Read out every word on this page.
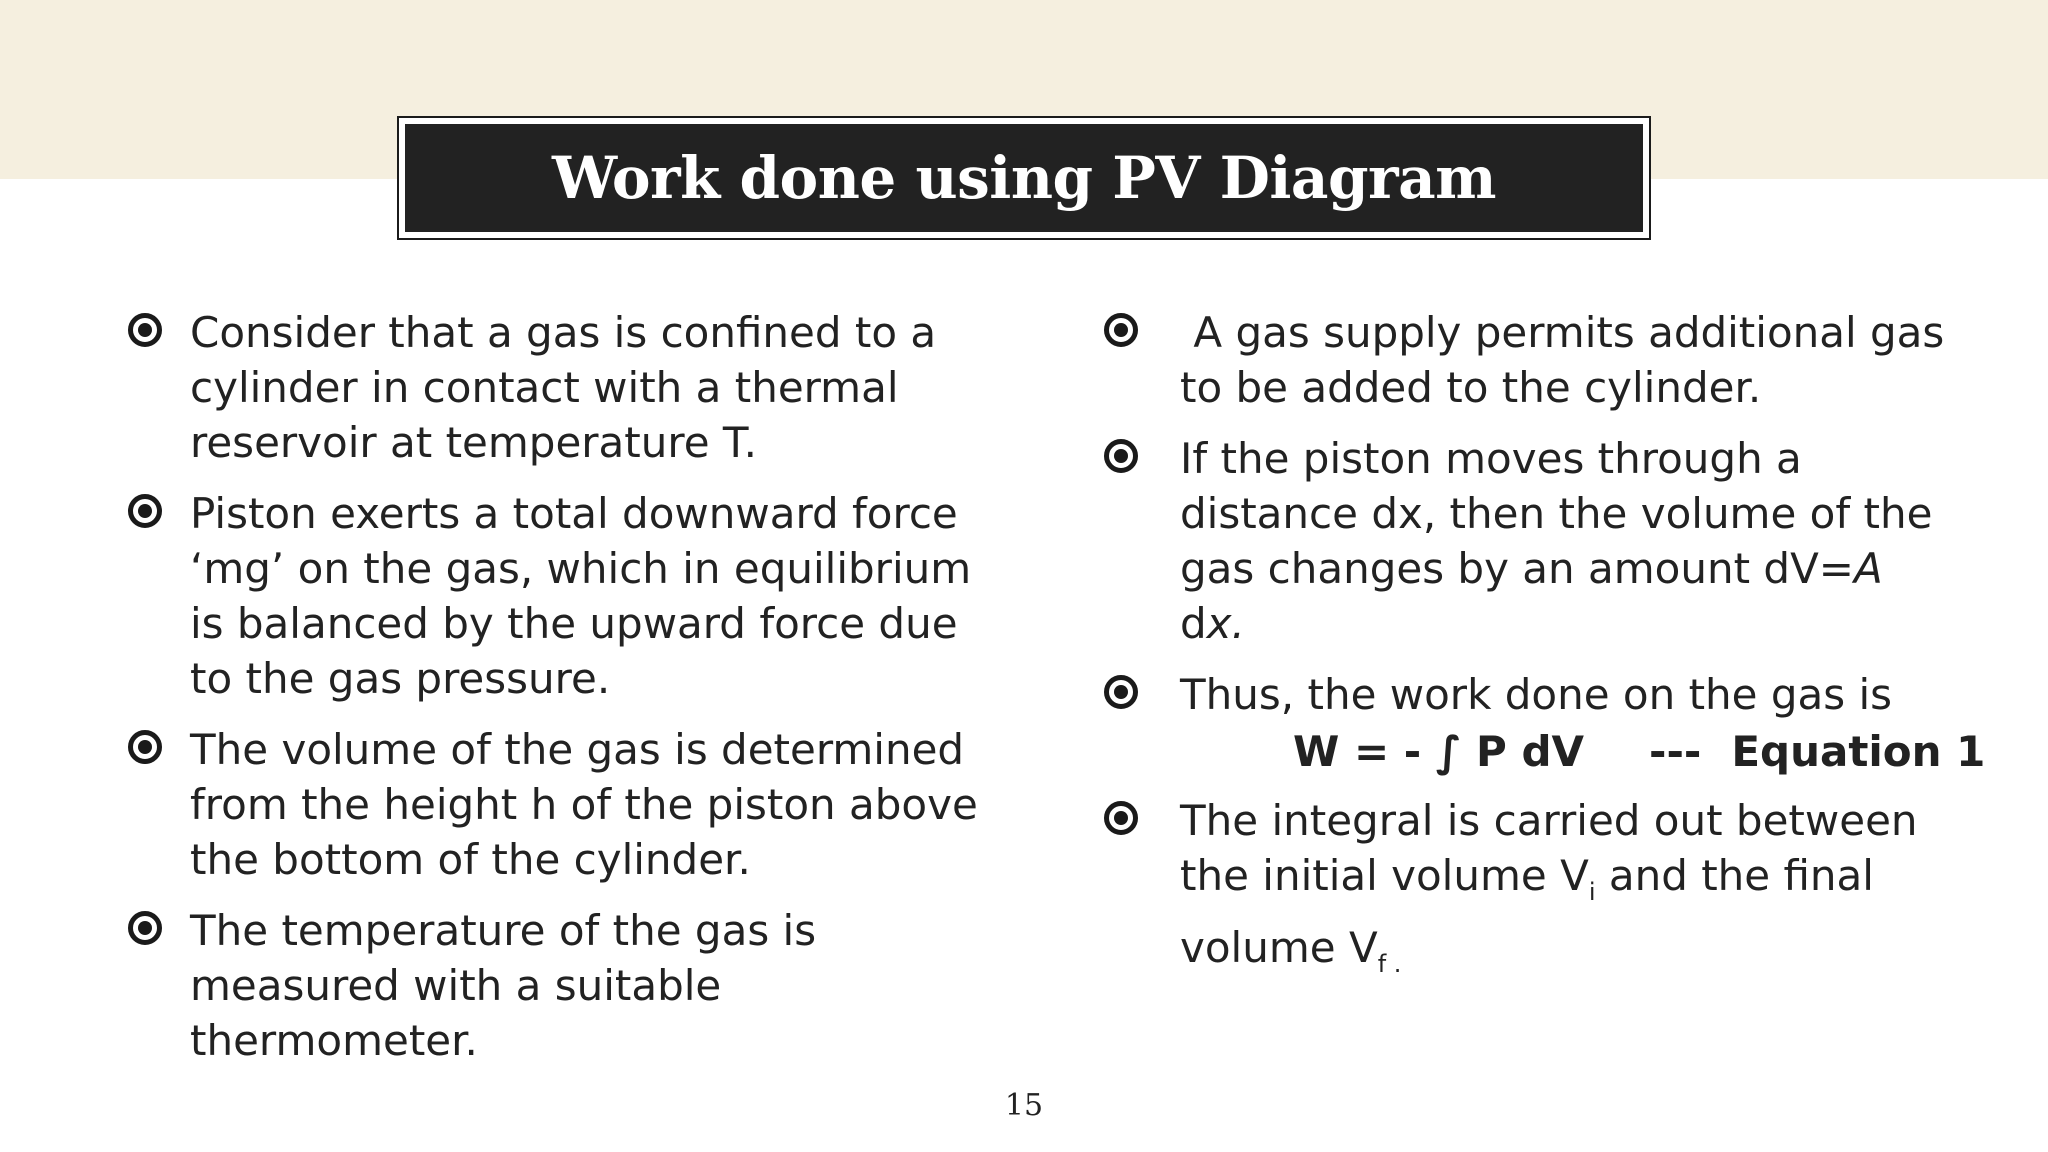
Work done using PV Diagram
Consider that a gas is confined to a cylinder in contact with a thermal reservoir at temperature T.
Piston exerts a total downward force ‘mg’ on the gas, which in equilibrium is balanced by the upward force due to the gas pressure.
The volume of the gas is determined from the height h of the piston above the bottom of the cylinder.
The temperature of the gas is measured with a suitable thermometer.
A gas supply permits additional gas to be added to the cylinder.
If the piston moves through a distance dx, then the volume of the gas changes by an amount dV=A dx.
Thus, the work done on the gas is
W = - ∫ P dV --- Equation 1
The integral is carried out between the initial volume $V_i$ and the final volume $V_{f .}$
15
